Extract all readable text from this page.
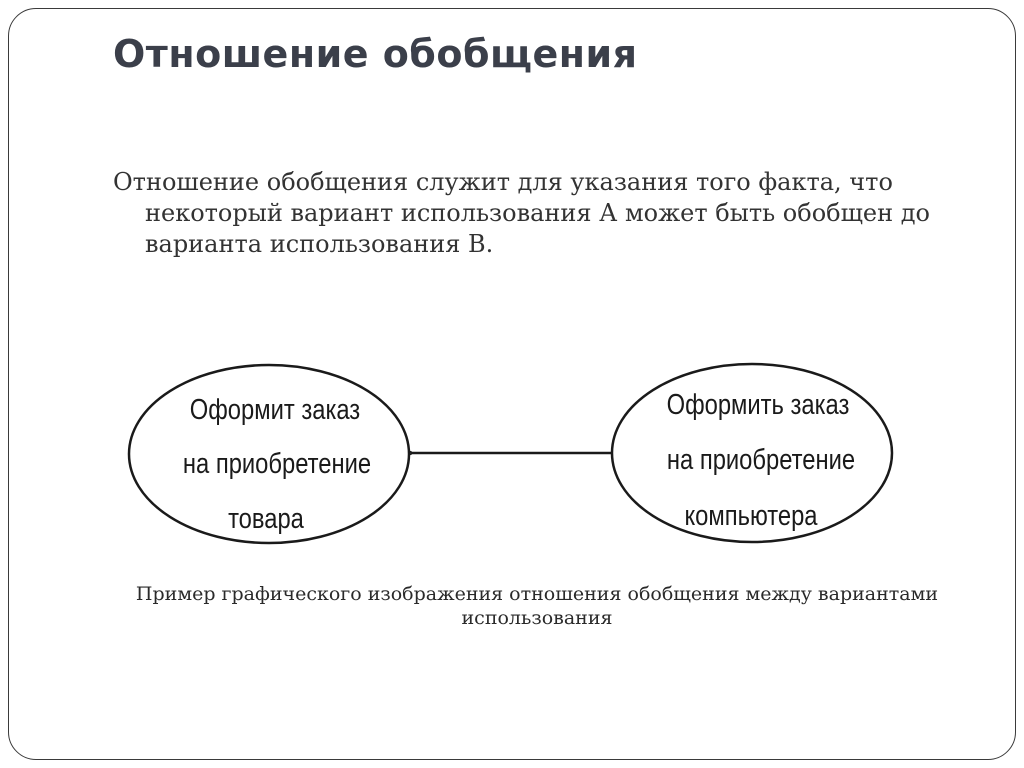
Отношение обобщения

Отношение обобщения служит для указания того факта, что некоторый вариант использования А может быть обобщен до варианта использования В.

Оформит заказ
на приобретение
товара
Оформить заказ
на приобретение
компьютера

Пример графического изображения отношения обобщения между вариантами
использования
